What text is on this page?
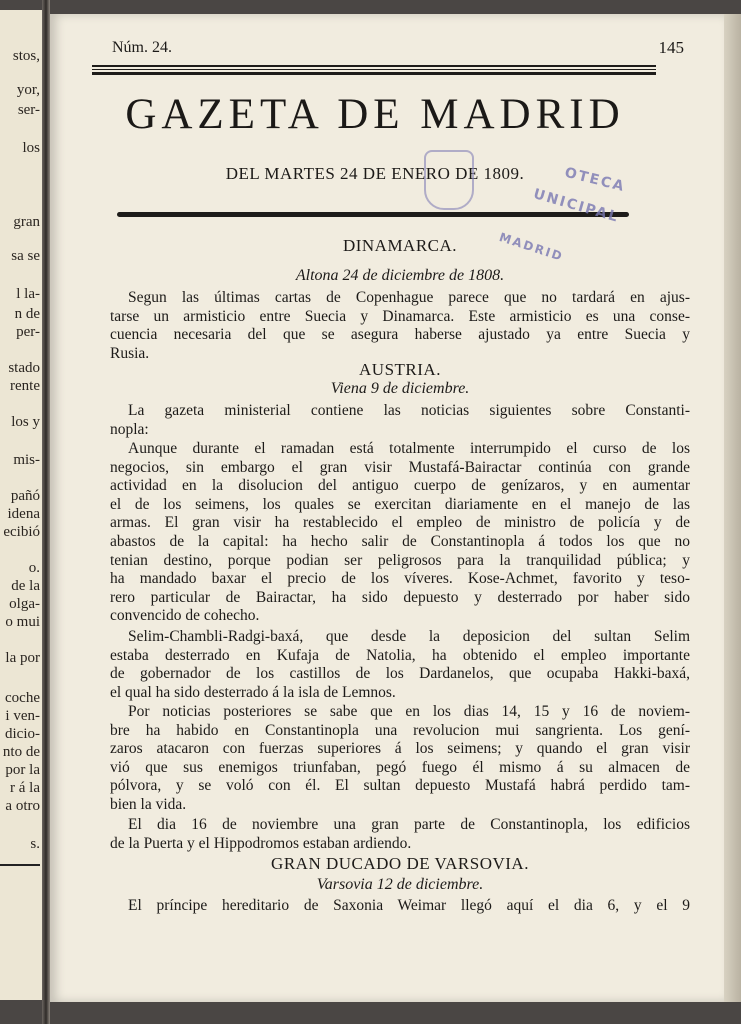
stos,
yor,
ser-
los
gran
sa se
l la-
n de
per-
stado
rente
los y
mis-
pañó
idena
ecibió
o.
de la
olga-
o mui
la por
coche
i ven-
dicio-
nto de
por la
r á la
a otro
s.
Núm. 24.	145
GAZETA DE MADRID
DEL MARTES 24 DE ENERO DE 1809.	OTECA
UNICIPAL
MADRID
DINAMARCA.
Altona 24 de diciembre de 1808.
Segun las últimas cartas de Copenhague parece que no tardará en ajus-
tarse un armisticio entre Suecia y Dinamarca. Este armisticio es una conse-
cuencia necesaria del que se asegura haberse ajustado ya entre Suecia y
Rusia.
AUSTRIA.
Viena 9 de diciembre.
La gazeta ministerial contiene las noticias siguientes sobre Constanti-
nopla:
Aunque durante el ramadan está totalmente interrumpido el curso de los
negocios, sin embargo el gran visir Mustafá-Bairactar continúa con grande
actividad en la disolucion del antiguo cuerpo de genízaros, y en aumentar
el de los seimens, los quales se exercitan diariamente en el manejo de las
armas. El gran visir ha restablecido el empleo de ministro de policía y de
abastos de la capital: ha hecho salir de Constantinopla á todos los que no
tenian destino, porque podian ser peligrosos para la tranquilidad pública; y
ha mandado baxar el precio de los víveres. Kose-Achmet, favorito y teso-
rero particular de Bairactar, ha sido depuesto y desterrado por haber sido
convencido de cohecho.
Selim-Chambli-Radgi-baxá, que desde la deposicion del sultan Selim
estaba desterrado en Kufaja de Natolia, ha obtenido el empleo importante
de gobernador de los castillos de los Dardanelos, que ocupaba Hakki-baxá,
el qual ha sido desterrado á la isla de Lemnos.
Por noticias posteriores se sabe que en los dias 14, 15 y 16 de noviem-
bre ha habido en Constantinopla una revolucion mui sangrienta. Los gení-
zaros atacaron con fuerzas superiores á los seimens; y quando el gran visir
vió que sus enemigos triunfaban, pegó fuego él mismo á su almacen de
pólvora, y se voló con él. El sultan depuesto Mustafá habrá perdido tam-
bien la vida.
El dia 16 de noviembre una gran parte de Constantinopla, los edificios
de la Puerta y el Hippodromos estaban ardiendo.
GRAN DUCADO DE VARSOVIA.
Varsovia 12 de diciembre.
El príncipe hereditario de Saxonia Weimar llegó aquí el dia 6, y el 9
